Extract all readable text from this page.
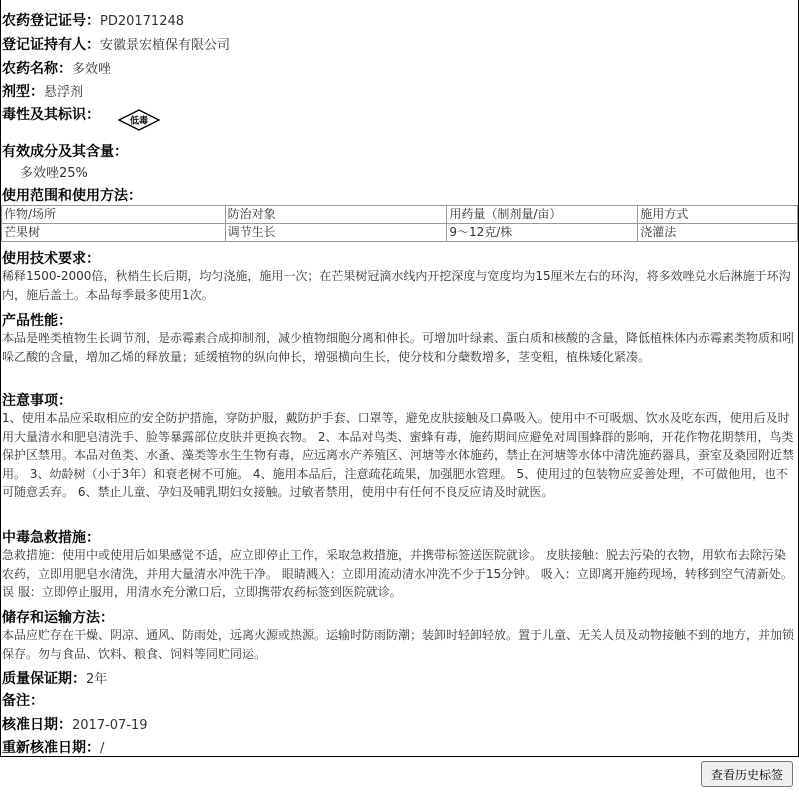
农药登记证号：PD20171248
登记证持有人：安徽景宏植保有限公司
农药名称：多效唑
剂型：悬浮剂
毒性及其标识：	低毒
有效成分及其含量：
多效唑25%
使用范围和使用方法：
作物/场所	防治对象	用药量（制剂量/亩）	施用方式
芒果树	调节生长	9～12克/株	浇灌法
使用技术要求：
稀释1500-2000倍，秋梢生长后期，均匀浇施，施用一次；在芒果树冠滴水线内开挖深度与宽度均为15厘米左右的环沟，将多效唑兑水后淋施于环沟内，施后盖土。本品每季最多使用1次。
产品性能：
本品是唑类植物生长调节剂，是赤霉素合成抑制剂，减少植物细胞分离和伸长。可增加叶绿素、蛋白质和核酸的含量，降低植株体内赤霉素类物质和吲哚乙酸的含量，增加乙烯的释放量；延缓植物的纵向伸长，增强横向生长，使分枝和分蘖数增多，茎变粗，植株矮化紧凑。
注意事项：
1、使用本品应采取相应的安全防护措施，穿防护服，戴防护手套、口罩等，避免皮肤接触及口鼻吸入。使用中不可吸烟、饮水及吃东西，使用后及时用大量清水和肥皂清洗手、脸等暴露部位皮肤并更换衣物。 2、本品对鸟类、蜜蜂有毒，施药期间应避免对周围蜂群的影响，开花作物花期禁用，鸟类保护区禁用。本品对鱼类、水蚤、藻类等水生生物有毒，应远离水产养殖区、河塘等水体施药，禁止在河塘等水体中清洗施药器具，蚕室及桑园附近禁用。 3、幼龄树（小于3年）和衰老树不可施。 4、施用本品后，注意疏花疏果，加强肥水管理。 5、使用过的包装物应妥善处理，不可做他用，也不可随意丢弃。 6、禁止儿童、孕妇及哺乳期妇女接触。过敏者禁用，使用中有任何不良反应请及时就医。
中毒急救措施：
急救措施：使用中或使用后如果感觉不适，应立即停止工作，采取急救措施，并携带标签送医院就诊。 皮肤接触：脱去污染的衣物，用软布去除污染农药，立即用肥皂水清洗，并用大量清水冲洗干净。 眼睛溅入：立即用流动清水冲洗不少于15分钟。 吸入：立即离开施药现场，转移到空气清新处。 误 服：立即停止服用，用清水充分漱口后，立即携带农药标签到医院就诊。
储存和运输方法：
本品应贮存在干燥、阴凉、通风、防雨处，远离火源或热源。运输时防雨防潮；装卸时轻卸轻放。置于儿童、无关人员及动物接触不到的地方，并加锁保存。勿与食品、饮料、粮食、饲料等同贮同运。
质量保证期：2年
备注：
核准日期：2017-07-19
重新核准日期：/
查看历史标签
